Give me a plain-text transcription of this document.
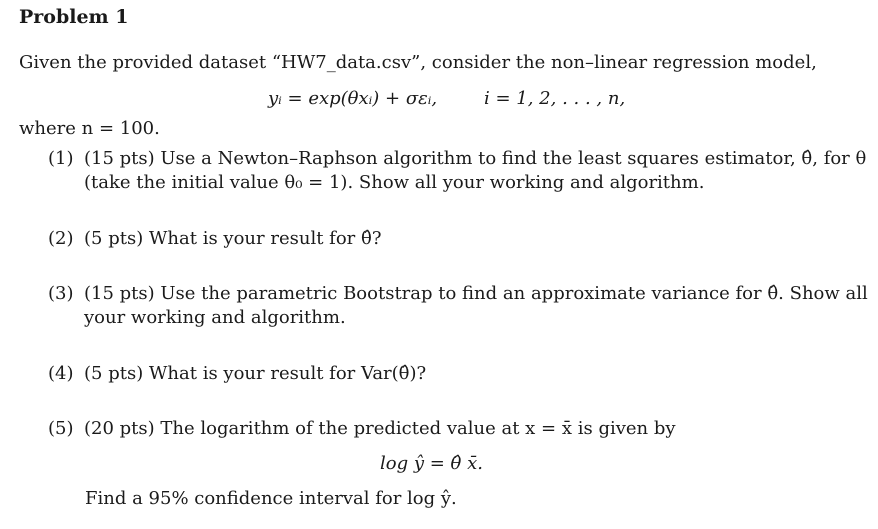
Problem 1
Given the provided dataset “HW7_data.csv”, consider the non–linear regression model,
yᵢ = exp(θxᵢ) + σεᵢ,	i = 1, 2, . . . , n,
where n = 100.
(1) (15 pts) Use a Newton–Raphson algorithm to find the least squares estimator, θ̂, for θ
(take the initial value θ₀ = 1). Show all your working and algorithm.
(2) (5 pts) What is your result for θ̂?
(3) (15 pts) Use the parametric Bootstrap to find an approximate variance for θ̂. Show all
your working and algorithm.
(4) (5 pts) What is your result for Var(θ̂)?
(5) (20 pts) The logarithm of the predicted value at x = x̄ is given by
log ŷ = θ̂ x̄.
Find a 95% confidence interval for log ŷ.
